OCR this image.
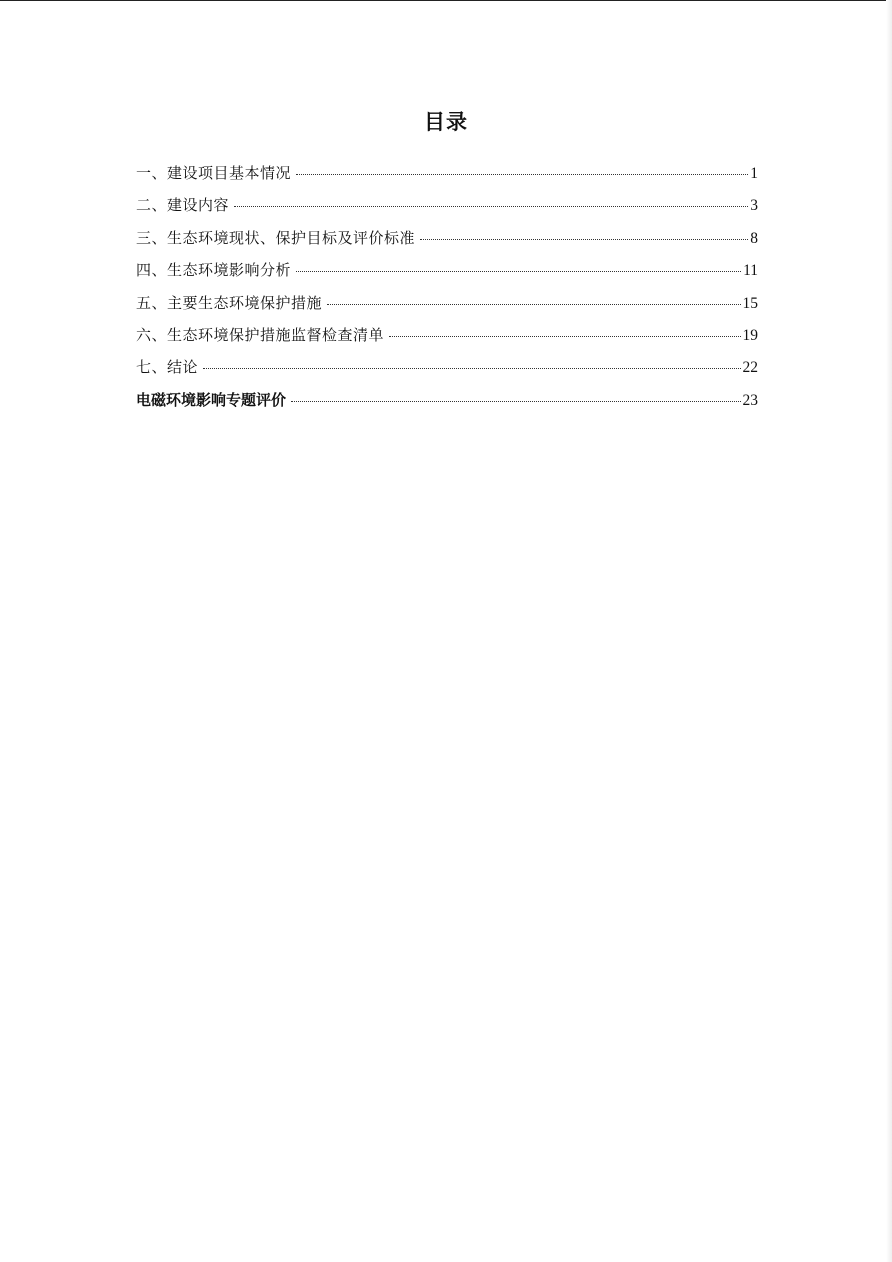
目录
一、建设项目基本情况	1
二、建设内容	3
三、生态环境现状、保护目标及评价标准	8
四、生态环境影响分析	11
五、主要生态环境保护措施	15
六、生态环境保护措施监督检查清单	19
七、结论	22
电磁环境影响专题评价	23
